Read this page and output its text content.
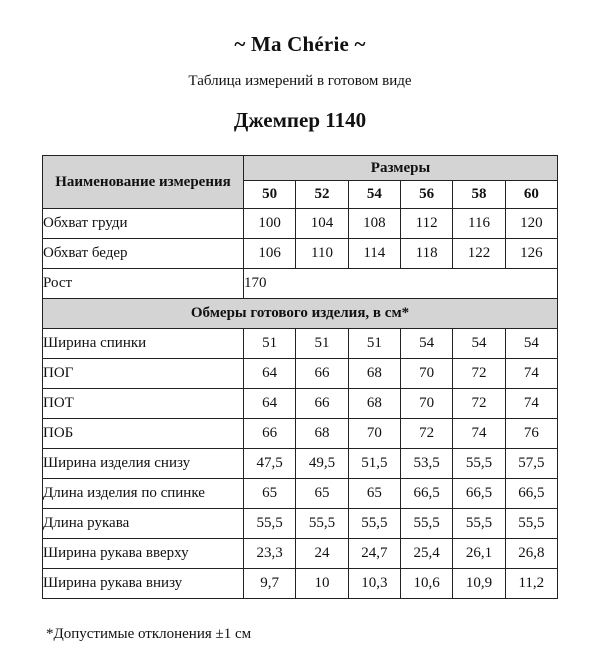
~ Ma Chérie ~
Таблица измерений в готовом виде
Джемпер 1140
Наименование измерения	Размеры					
	50	52	54	56	58	60
Обхват груди	100	104	108	112	116	120
Обхват бедер	106	110	114	118	122	126
Рост	170					
Обмеры готового изделия, в см*						
Ширина спинки	51	51	51	54	54	54
ПОГ	64	66	68	70	72	74
ПОТ	64	66	68	70	72	74
ПОБ	66	68	70	72	74	76
Ширина изделия снизу	47,5	49,5	51,5	53,5	55,5	57,5
Длина изделия по спинке	65	65	65	66,5	66,5	66,5
Длина рукава	55,5	55,5	55,5	55,5	55,5	55,5
Ширина рукава вверху	23,3	24	24,7	25,4	26,1	26,8
Ширина рукава внизу	9,7	10	10,3	10,6	10,9	11,2
*Допустимые отклонения ±1 см
